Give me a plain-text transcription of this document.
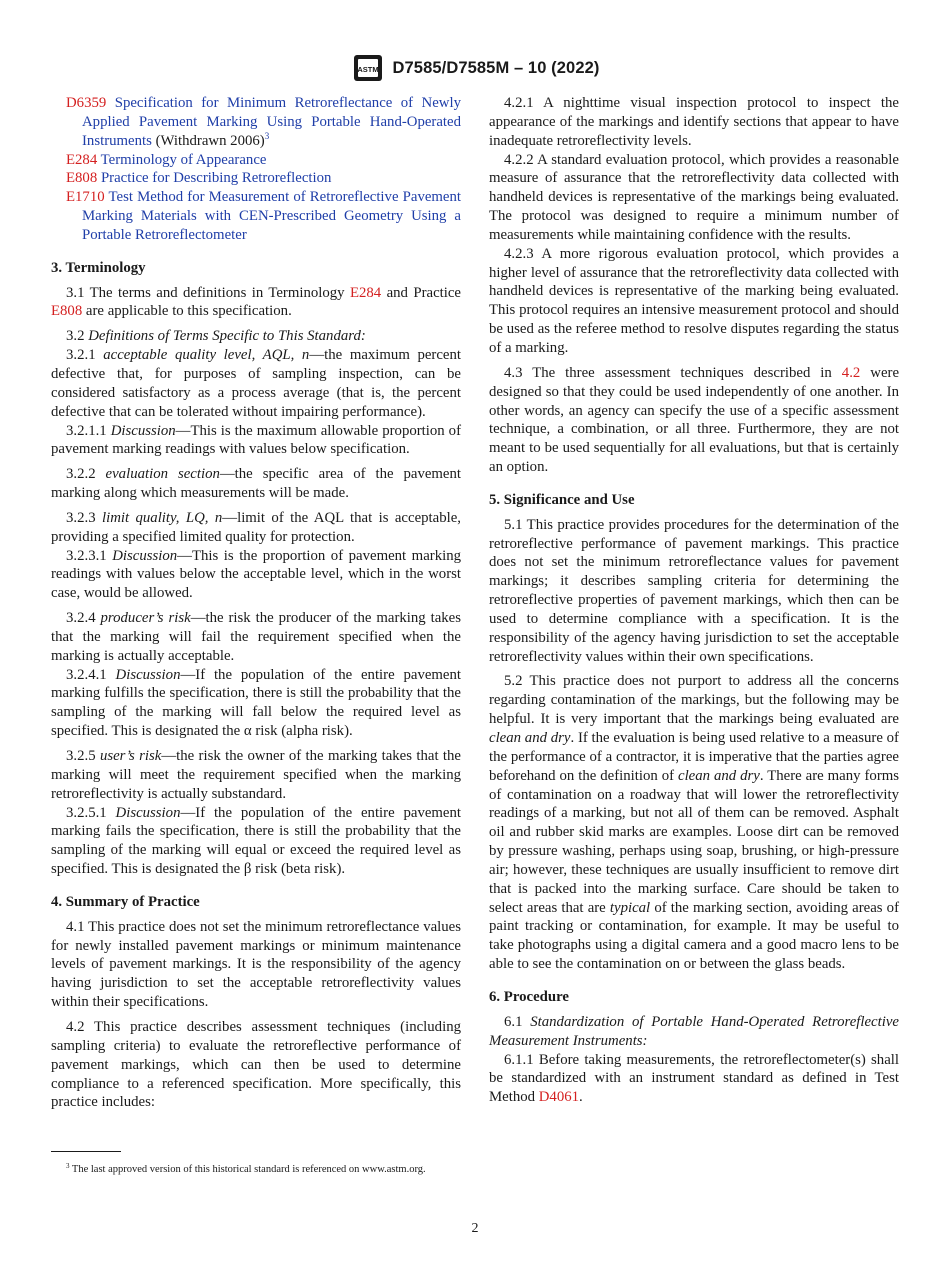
ASTM D7585/D7585M – 10 (2022)

D6359 Specification for Minimum Retroreflectance of Newly Applied Pavement Marking Using Portable Hand-Operated Instruments (Withdrawn 2006)$^3$

E284 Terminology of Appearance

E808 Practice for Describing Retroreflection

E1710 Test Method for Measurement of Retroreflective Pavement Marking Materials with CEN-Prescribed Geometry Using a Portable Retroreflectometer

3. Terminology

3.1 The terms and definitions in Terminology E284 and Practice E808 are applicable to this specification.

3.2 Definitions of Terms Specific to This Standard:

3.2.1 acceptable quality level, AQL, n—the maximum percent defective that, for purposes of sampling inspection, can be considered satisfactory as a process average (that is, the percent defective that can be tolerated without impairing performance).

3.2.1.1 Discussion—This is the maximum allowable proportion of pavement marking readings with values below specification.

3.2.2 evaluation section—the specific area of the pavement marking along which measurements will be made.

3.2.3 limit quality, LQ, n—limit of the AQL that is acceptable, providing a specified limited quality for protection.

3.2.3.1 Discussion—This is the proportion of pavement marking readings with values below the acceptable level, which in the worst case, would be allowed.

3.2.4 producer’s risk—the risk the producer of the marking takes that the marking will fail the requirement specified when the marking is actually acceptable.

3.2.4.1 Discussion—If the population of the entire pavement marking fulfills the specification, there is still the probability that the sampling of the marking will fall below the required level as specified. This is designated the α risk (alpha risk).

3.2.5 user’s risk—the risk the owner of the marking takes that the marking will meet the requirement specified when the marking retroreflectivity is actually substandard.

3.2.5.1 Discussion—If the population of the entire pavement marking fails the specification, there is still the probability that the sampling of the marking will equal or exceed the required level as specified. This is designated the β risk (beta risk).

4. Summary of Practice

4.1 This practice does not set the minimum retroreflectance values for newly installed pavement markings or minimum maintenance levels of pavement markings. It is the responsibility of the agency having jurisdiction to set the acceptable retroreflectivity values within their specifications.

4.2 This practice describes assessment techniques (including sampling criteria) to evaluate the retroreflective performance of pavement markings, which can then be used to determine compliance to a referenced specification. More specifically, this practice includes:

4.2.1 A nighttime visual inspection protocol to inspect the appearance of the markings and identify sections that appear to have inadequate retroreflectivity levels.

4.2.2 A standard evaluation protocol, which provides a reasonable measure of assurance that the retroreflectivity data collected with handheld devices is representative of the markings being evaluated. The protocol was designed to require a minimum number of measurements while maintaining confidence with the results.

4.2.3 A more rigorous evaluation protocol, which provides a higher level of assurance that the retroreflectivity data collected with handheld devices is representative of the marking being evaluated. This protocol requires an intensive measurement protocol and should be used as the referee method to resolve disputes regarding the status of a marking.

4.3 The three assessment techniques described in 4.2 were designed so that they could be used independently of one another. In other words, an agency can specify the use of a specific assessment technique, a combination, or all three. Furthermore, they are not meant to be used sequentially for all evaluations, but that is certainly an option.

5. Significance and Use

5.1 This practice provides procedures for the determination of the retroreflective performance of pavement markings. This practice does not set the minimum retroreflectance values for pavement markings; it describes sampling criteria for determining the retroreflective properties of pavement markings, which then can be used to determine compliance with a specification. It is the responsibility of the agency having jurisdiction to set the acceptable retroreflectivity values within their own specifications.

5.2 This practice does not purport to address all the concerns regarding contamination of the markings, but the following may be helpful. It is very important that the markings being evaluated are clean and dry. If the evaluation is being used relative to a measure of the performance of a contractor, it is imperative that the parties agree beforehand on the definition of clean and dry. There are many forms of contamination on a roadway that will lower the retroreflectivity readings of a marking, but not all of them can be removed. Asphalt oil and rubber skid marks are examples. Loose dirt can be removed by pressure washing, perhaps using soap, brushing, or high-pressure air; however, these techniques are usually insufficient to remove dirt that is packed into the marking surface. Care should be taken to select areas that are typical of the marking section, avoiding areas of paint tracking or contamination, for example. It may be useful to take photographs using a digital camera and a good macro lens to be able to see the contamination on or between the glass beads.

6. Procedure

6.1 Standardization of Portable Hand-Operated Retroreflective Measurement Instruments:

6.1.1 Before taking measurements, the retroreflectometer(s) shall be standardized with an instrument standard as defined in Test Method D4061.

$^3$ The last approved version of this historical standard is referenced on www.astm.org.
2
